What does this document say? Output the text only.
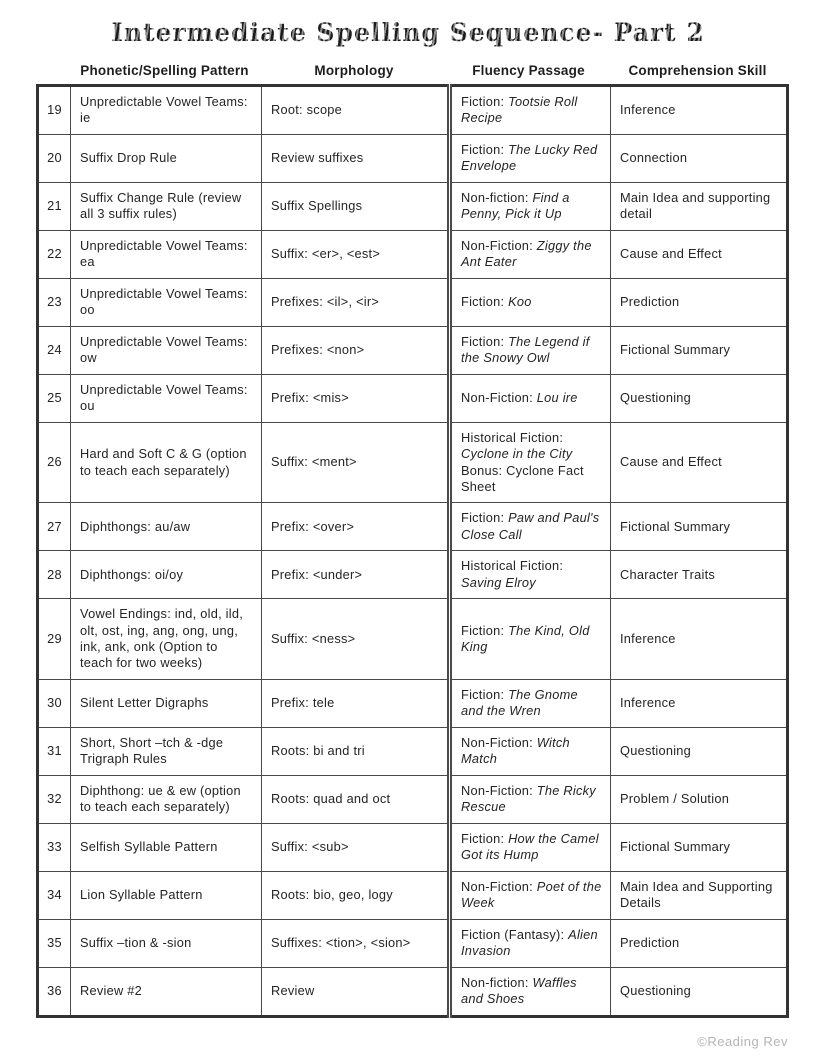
Intermediate Spelling Sequence- Part 2
Phonetic/Spelling Pattern	Morphology	Fluency Passage	Comprehension Skill
19	Unpredictable Vowel Teams:  ie	Root: scope	Fiction: Tootsie Roll Recipe	Inference
20	Suffix Drop Rule	Review suffixes	Fiction: The Lucky Red Envelope	Connection
21	Suffix Change Rule (review all 3 suffix rules)	Suffix Spellings	Non-fiction: Find a Penny, Pick it Up	Main Idea and supporting detail
22	Unpredictable Vowel Teams:  ea	Suffix: <er>, <est>	Non-Fiction: Ziggy the Ant Eater	Cause and Effect
23	Unpredictable Vowel Teams:  oo	Prefixes: <il>, <ir>	Fiction: Koo	Prediction
24	Unpredictable Vowel Teams: ow	Prefixes: <non>	Fiction: The Legend if the Snowy Owl	Fictional Summary
25	Unpredictable Vowel Teams:  ou	Prefix: <mis>	Non-Fiction: Lou ire	Questioning
26	Hard and Soft C & G (option to teach each separately)	Suffix: <ment>	Historical Fiction: Cyclone in the City Bonus: Cyclone Fact Sheet	Cause and Effect
27	Diphthongs: au/aw	Prefix: <over>	Fiction: Paw and Paul's Close Call	Fictional Summary
28	Diphthongs: oi/oy	Prefix: <under>	Historical Fiction: Saving Elroy	Character Traits
29	Vowel Endings: ind, old, ild, olt, ost, ing, ang, ong, ung, ink, ank, onk (Option to teach for two weeks)	Suffix: <ness>	Fiction: The Kind, Old King	Inference
30	Silent Letter Digraphs	Prefix: tele	Fiction: The Gnome and the Wren	Inference
31	Short, Short –tch & -dge Trigraph Rules	Roots: bi and tri	Non-Fiction: Witch Match	Questioning
32	Diphthong: ue & ew (option to teach each separately)	Roots: quad and oct	Non-Fiction: The Ricky Rescue	Problem / Solution
33	Selfish Syllable Pattern	Suffix: <sub>	Fiction: How the Camel Got its Hump	Fictional Summary
34	Lion Syllable Pattern	Roots: bio, geo, logy	Non-Fiction: Poet of the Week	Main Idea and Supporting Details
35	Suffix –tion & -sion	Suffixes: <tion>, <sion>	Fiction (Fantasy): Alien Invasion	Prediction
36	Review #2	Review	Non-fiction: Waffles and Shoes	Questioning
©Reading Rev
